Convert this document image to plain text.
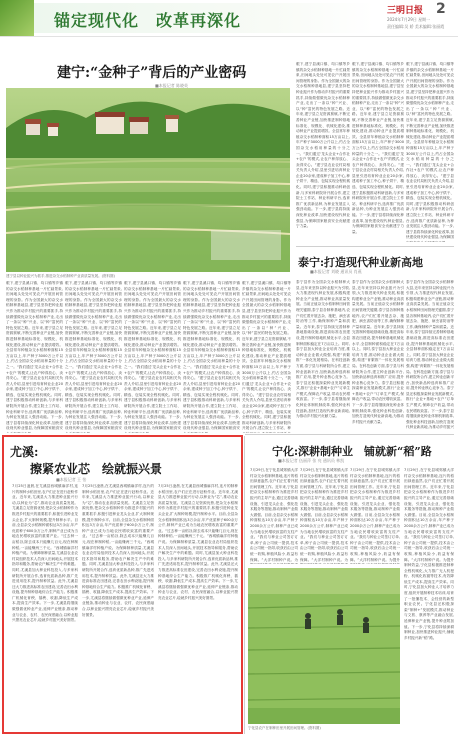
锚定现代化　改革再深化	三明日报
2024年7月29日 星期一
责任编辑:吴 娇 美术编辑:张丽霞
2
建宁:“金种子”背后的产业密码
■本报记者 陈晓英
建宁县以种业振兴为抓手,推进杂交水稻制种产业高质量发展。(资料图)
眼下,建宁县溪口镇、均口镇等乡镇的杂交水稻制种基地一片忙碌景象,田间地头处处可见农户开展田间管理的身影。作为全国最大的杂交水稻制种基地县,建宁县坚持把种业振兴作为推动乡村振兴的重要抓手,持续做强做优杂交水稻制种产业,走出了一条以“种”兴业、以“种”富民的特色发展之路。近年来,建宁县立足资源禀赋,不断完善种业产业链,加快推进制种基地标准化、规模化、机械化建设,推动种业产业提质增效。全县常年种植杂交水稻制种面积15万亩以上,年产种子3000万公斤以上,约占全国杂交水稻用种量的十分之一。“我们通过‘龙头企业+合作社+农户’的模式,让农户种得放心、卖得安心。”建宁县农业农村局相关负责人介绍,县里引进培育种业企业20余家,建成种子加工中心,种子烘干、精选、包装实现全程机械化。同时,建宁县积极推动科研创新,与多家科研院所开展合作,建立院士工作站、种业科研平台,选育推广优质新品种,为种业发展注入强劲动能。下一步,建宁县将持续深化种业改革,加快建设现代种业强县,为保障国家粮食安
眼下,建宁县溪口镇、均口镇等乡镇的杂交水稻制种基地一片忙碌景象,田间地头处处可见农户开展田间管理的身影。作为全国最大的杂交水稻制种基地县,建宁县坚持把种业振兴作为推动乡村振兴的重要抓手,持续做强做优杂交水稻制种产业,走出了一条以“种”兴业、以“种”富民的特色发展之路。近年来,建宁县立足资源禀赋,不断完善种业产业链,加快推进制种基地标准化、规模化、机械化建设,推动种业产业提质增效。全县常年种植杂交水稻制种面积15万亩以上,年产种子3000万公斤以上,约占全国杂交水稻用种量的十分之一。“我们通过‘龙头企业+合作社+农户’的模式,让农户种得放心、卖得安心。”建宁县农业农村局相关负责人介绍,县里引进培育种业企业20余家,建成种子加工中心,种子烘干、精选、包装实现全程机械化。同时,建宁县积极推动科研创新,与多家科研院所开展合作,建立院士工作站、种业科研平台,选育推广优质新品种,为种业发展注入强劲动能。下一步,建宁县将持续深化种业改革,加快建设现代种业强县,为保障国家粮食安
眼下,建宁县溪口镇、均口镇等乡镇的杂交水稻制种基地一片忙碌景象,田间地头处处可见农户开展田间管理的身影。作为全国最大的杂交水稻制种基地县,建宁县坚持把种业振兴作为推动乡村振兴的重要抓手,持续做强做优杂交水稻制种产业,走出了一条以“种”兴业、以“种”富民的特色发展之路。近年来,建宁县立足资源禀赋,不断完善种业产业链,加快推进制种基地标准化、规模化、机械化建设,推动种业产业提质增效。全县常年种植杂交水稻制种面积15万亩以上,年产种子3000万公斤以上,约占全国杂交水稻用种量的十分之一。“我们通过‘龙头企业+合作社+农户’的模式,让农户种得放心、卖得安心。”建宁县农业农村局相关负责人介绍,县里引进培育种业企业20余家,建成种子加工中心,种子烘干、精选、包装实现全程机械化。同时,建宁县积极推动科研创新,与多家科研院所开展合作,建立院士工作站、种业科研平台,选育推广优质新品种,为种业发展注入强劲动能。下一步,建宁县将持续深化种业改革,加快建设现代种业强县,为保障国家粮食安
眼下,建宁县溪口镇、均口镇等乡镇的杂交水稻制种基地一片忙碌景象,田间地头处处可见农户开展田间管理的身影。作为全国最大的杂交水稻制种基地县,建宁县坚持把种业振兴作为推动乡村振兴的重要抓手,持续做强做优杂交水稻制种产业,走出了一条以“种”兴业、以“种”富民的特色发展之路。近年来,建宁县立足资源禀赋,不断完善种业产业链,加快推进制种基地标准化、规模化、机械化建设,推动种业产业提质增效。全县常年种植杂交水稻制种面积15万亩以上,年产种子3000万公斤以上,约占全国杂交水稻用种量的十分之一。“我们通过‘龙头企业+合作社+农户’的模式,让农户种得放心、卖得安心。”建宁县农业农村局相关负责人介绍,县里引进培育种业企业20余家,建成种子加工中心,种子烘干、精选、包装实现全程机械化。同时,建宁县积极推动科研创新,与多家科研院所开展合作,建立院士工作站、种业科研平台,选育推广优质新品种,为种业发展注入强劲动能。下一步,建宁县将持续深化种业改革,加快建设现代种业强县,为保障国家粮食安
眼下,建宁县溪口镇、均口镇等乡镇的杂交水稻制种基地一片忙碌景象,田间地头处处可见农户开展田间管理的身影。作为全国最大的杂交水稻制种基地县,建宁县坚持把种业振兴作为推动乡村振兴的重要抓手,持续做强做优杂交水稻制种产业,走出了一条以“种”兴业、以“种”富民的特色发展之路。近年来,建宁县立足资源禀赋,不断完善种业产业链,加快推进制种基地标准化、规模化、机械化建设,推动种业产业提质增效。全县常年种植杂交水稻制种面积15万亩以上,年产种子3000万公斤以上,约占全国杂交水稻用种量的十分之一。“我们通过‘龙头企业+合作社+农户’的模式,让农户种得放心、卖得安心。”建宁县农业农村局相关负责人介绍,县里引进培育种业企业20余家,建成种子加工中心,种子烘干、精选、包装实现全程机械化。同时,建宁县积极推动科研创新,与多家科研院所开展合作,建立院士工作站、种
眼下,建宁县溪口镇、均口镇等乡镇的杂交水稻制种基地一片忙碌景象,田间地头处处可见农户开展田间管理的身影。作为全国最大的杂交水稻制种基地县,建宁县坚持把种业振兴作为推动乡村振兴的重要抓手,持续做强做优杂交水稻制种产业,走出了一条以“种”兴业、以“种”富民的特色发展之路。近年来,建宁县立足资源禀赋,不断完善种业产业链,加快推进制种基地标准化、规模化、机械化建设,推动种业产业提质增效。全县常年种植杂交水稻制种面积15万亩以上,年产种子3000万公斤以上,约占全国杂交水稻用种量的十分之一。“我们通过‘龙头企业+合作社+农户’的模式,让农户种得放心、卖得安心。”建宁县农业农村局相关负责人介绍,县里引进培育种业企业20余家,建成种子加工中心,种子烘干、精选、包装实现全程机械化。同时,建宁县积极推动科研创新,与多家科研院所开展合作,建立院士工作站、种业科研平台,选育推广优质新品种,为种业发展注入强劲动能。下一步,建宁县将持续深化种业改革,加快建设现代种业强县,为保障国家粮食安全贡献建宁力量。
眼下,建宁县溪口镇、均口镇等乡镇的杂交水稻制种基地一片忙碌景象,田间地头处处可见农户开展田间管理的身影。作为全国最大的杂交水稻制种基地县,建宁县坚持把种业振兴作为推动乡村振兴的重要抓手,持续做强做优杂交水稻制种产业,走出了一条以“种”兴业、以“种”富民的特色发展之路。近年来,建宁县立足资源禀赋,不断完善种业产业链,加快推进制种基地标准化、规模化、机械化建设,推动种业产业提质增效。全县常年种植杂交水稻制种面积15万亩以上,年产种子3000万公斤以上,约占全国杂交水稻用种量的十分之一。“我们通过‘龙头企业+合作社+农户’的模式,让农户种得放心、卖得安心。”建宁县农业农村局相关负责人介绍,县里引进培育种业企业20余家,建成种子加工中心,种子烘干、精选、包装实现全程机械化。同时,建宁县积极推动科研创新,与多家科研院所开展合作,建立院士工作站、种业科研平台,选育推广优质新品种,为种业发展注入强劲动能。下一步,建宁县将持续深化种业改革,加快建设现代种业强县,为保障国家粮食安全贡献建宁力量。
眼下,建宁县溪口镇、均口镇等乡镇的杂交水稻制种基地一片忙碌景象,田间地头处处可见农户开展田间管理的身影。作为全国最大的杂交水稻制种基地县,建宁县坚持把种业振兴作为推动乡村振兴的重要抓手,持续做强做优杂交水稻制种产业,走出了一条以“种”兴业、以“种”富民的特色发展之路。近年来,建宁县立足资源禀赋,不断完善种业产业链,加快推进制种基地标准化、规模化、机械化建设,推动种业产业提质增效。全县常年种植杂交水稻制种面积15万亩以上,年产种子3000万公斤以上,约占全国杂交水稻用种量的十分之一。“我们通过‘龙头企业+合作社+农户’的模式,让农户种得放心、卖得安心。”建宁县农业农村局相关负责人介绍,县里引进培育种业企业20余家,建成种子加工中心,种子烘干、精选、包装实现全程机械化。同时,建宁县积极推动科研创新,与多家科研院所开展合作,建立院士工作站、种业科研平台,选育推广优质新品种,为种业发展注入强劲动能。下一步,建宁县将持续深化种业改革,加快建设现代种业强县,为保障国
泰宁:打造现代种业新高地
■本报记者 刘晓 通讯员 肖燕
泰宁县作为全国杂交水稻制种大县,近年来坚持以种业振兴为引领,大力推进现代种业发展,积极构建种业全产业链,推动种业高质量发展。当前正值杂交水稻制种田间管理关键期,泰宁县各制种基地内,农户们忙着开展去杂、施肥、病虫害防治等工作,确保制种产量和质量。近年来,泰宁县持续完善制种基地基础设施,推进高标准农田建设,提升制种基地机械化水平,全县制种面积稳定在7万亩以上。同时,泰宁县加大种业企业培育力度,推动种业企业做大做强,构建“育繁推”一体化发展格局。在科技创新方面,泰宁县与科研院所合作,建立种业创新平台,加快新品种选育和推广应用,提升种业核心竞争力。泰宁县还积极探索种业发展新模式,推行“企业+基地+农户”订单生产模式,保障农户收益,带动农民增收致富。下一步,泰宁县将继续深化种业体制机制改革,强化种业科技创新,加快打造现代种业新高地,为推动乡村振兴贡献力量。
泰宁县作为全国杂交水稻制种大县,近年来坚持以种业振兴为引领,大力推进现代种业发展,积极构建种业全产业链,推动种业高质量发展。当前正值杂交水稻制种田间管理关键期,泰宁县各制种基地内,农户们忙着开展去杂、施肥、病虫害防治等工作,确保制种产量和质量。近年来,泰宁县持续完善制种基地基础设施,推进高标准农田建设,提升制种基地机械化水平,全县制种面积稳定在7万亩以上。同时,泰宁县加大种业企业培育力度,推动种业企业做大做强,构建“育繁推”一体化发展格局。在科技创新方面,泰宁县与科研院所合作,建立种业创新平台,加快新品种选育和推广应用,提升种业核心竞争力。泰宁县还积极探索种业发展新模式,推行“企业+基地+农户”订单生产模式,保障农户收益,带动农民增收致富。下一步,泰宁县将继续深化种业体制机制改革,强化种业科技创新,加快打造现代种业新高地,为推动乡村振兴贡献力量。
泰宁县作为全国杂交水稻制种大县,近年来坚持以种业振兴为引领,大力推进现代种业发展,积极构建种业全产业链,推动种业高质量发展。当前正值杂交水稻制种田间管理关键期,泰宁县各制种基地内,农户们忙着开展去杂、施肥、病虫害防治等工作,确保制种产量和质量。近年来,泰宁县持续完善制种基地基础设施,推进高标准农田建设,提升制种基地机械化水平,全县制种面积稳定在7万亩以上。同时,泰宁县加大种业企业培育力度,推动种业企业做大做强,构建“育繁推”一体化发展格局。在科技创新方面,泰宁县与科研院所合作,建立种业创新平台,加快新品种选育和推广应用,提升种业核心竞争力。泰宁县还积极探索种业发展新模式,推行“企业+基地+农户”订单生产模式,保障农户收益,带动农民增收致富。下一步,泰宁县将继续深化种业体制机制改革,强化种业科技创新,加快打造现代种业新高地,为推动乡村振兴
尤溪:
擦紧农业芯　绘就振兴景
■本报记者 王 怡
7月25日凌晨,在尤溪县西城镇麻洋村,连片的制种水稻田里,农户们正在进行赶粉作业。近年来,尤溪县大力推进种业振兴行动,以种业为“芯”,推动农业高质量发展。尤溪县立足资源优势,把杂交水稻制种作为推进乡村振兴的重要抓手,积极引进种业龙头企业,扩大制种规模,提升制种水平。目前,全县杂交水稻制种面积达3万余亩,年产优质种子600余万公斤,制种产业已成为当地农民增收致富的重要产业。“过去种一亩稻谷,除去成本只能赚几百元,现在种制种稻,一亩能赚两三千元。”西城镇麻洋村种植户说。为保障制种质量,尤溪县农业农村局组织技术人员深入田间地头,开展技术指导和服务,帮助农户解决生产中的难题。同时,尤溪县加大种业科技投入,与多家科研院所开展合作,选育优质新品种,推广先进适用技术,提升制种效益。此外,尤溪县还大力推进高标准农田建设,完善农田水利设施,提升制种基地综合生产能力。积极推广机械化育秧、插秧、收割,降低生产成本,提高生产效率。下一步,尤溪县将继续做强做优种业产业,延伸产业链条,推动种业与农业、农村、农民深度融合,以种业振兴擦亮农业芯片,绘就乡村振兴美好图景。
7月25日凌晨,在尤溪县西城镇麻洋村,连片的制种水稻田里,农户们正在进行赶粉作业。近年来,尤溪县大力推进种业振兴行动,以种业为“芯”,推动农业高质量发展。尤溪县立足资源优势,把杂交水稻制种作为推进乡村振兴的重要抓手,积极引进种业龙头企业,扩大制种规模,提升制种水平。目前,全县杂交水稻制种面积达3万余亩,年产优质种子600余万公斤,制种产业已成为当地农民增收致富的重要产业。“过去种一亩稻谷,除去成本只能赚几百元,现在种制种稻,一亩能赚两三千元。”西城镇麻洋村种植户说。为保障制种质量,尤溪县农业农村局组织技术人员深入田间地头,开展技术指导和服务,帮助农户解决生产中的难题。同时,尤溪县加大种业科技投入,与多家科研院所开展合作,选育优质新品种,推广先进适用技术,提升制种效益。此外,尤溪县还大力推进高标准农田建设,完善农田水利设施,提升制种基地综合生产能力。积极推广机械化育秧、插秧、收割,降低生产成本,提高生产效率。下一步,尤溪县将继续做强做优种业产业,延伸产业链条,推动种业与农业、农村、农民深度融合,以种业振兴擦亮农业芯片,绘就乡村振兴美好图景。
7月25日凌晨,在尤溪县西城镇麻洋村,连片的制种水稻田里,农户们正在进行赶粉作业。近年来,尤溪县大力推进种业振兴行动,以种业为“芯”,推动农业高质量发展。尤溪县立足资源优势,把杂交水稻制种作为推进乡村振兴的重要抓手,积极引进种业龙头企业,扩大制种规模,提升制种水平。目前,全县杂交水稻制种面积达3万余亩,年产优质种子600余万公斤,制种产业已成为当地农民增收致富的重要产业。“过去种一亩稻谷,除去成本只能赚几百元,现在种制种稻,一亩能赚两三千元。”西城镇麻洋村种植户说。为保障制种质量,尤溪县农业农村局组织技术人员深入田间地头,开展技术指导和服务,帮助农户解决生产中的难题。同时,尤溪县加大种业科技投入,与多家科研院所开展合作,选育优质新品种,推广先进适用技术,提升制种效益。此外,尤溪县还大力推进高标准农田建设,完善农田水利设施,提升制种基地综合生产能力。积极推广机械化育秧、插秧、收割,降低生产成本,提高生产效率。下一步,尤溪县将继续做强做优种业产业,延伸产业链条,推动种业与农业、农村、农民深度融合,以种业振兴擦亮农业芯片,绘就乡村振兴美好图景。
宁化:深耕制种业　铺就新“稻”路
■本报记者 伍丽萍 张 亮 通讯员 林凯
7月29日,在宁化县城郊镇大洋村杂交水稻制种基地,连片的稻田绿意盎然,农户们正忙着开展田间管理工作。近年来,宁化县把杂交水稻制种作为推进乡村振兴的主导产业,通过完善基础设施、引进龙头企业、强化技术服务等措施,推动制种产业做大做强。目前,全县杂交水稻制种面积达10万余亩,年产种子2000余万公斤,制种产业已成为当地农民增收致富的支柱产业。“我们与种业公司签订订单,种子由公司统一提供,技术由公司统一指导,收获后由公司统一收购,种植风险小,收益有保障。”大洋村制种户说。为
7月29日,在宁化县城郊镇大洋村杂交水稻制种基地,连片的稻田绿意盎然,农户们正忙着开展田间管理工作。近年来,宁化县把杂交水稻制种作为推进乡村振兴的主导产业,通过完善基础设施、引进龙头企业、强化技术服务等措施,推动制种产业做大做强。目前,全县杂交水稻制种面积达10万余亩,年产种子2000余万公斤,制种产业已成为当地农民增收致富的支柱产业。“我们与种业公司签订订单,种子由公司统一提供,技术由公司统一指导,收获后由公司统一收购,种植风险小,收益有保障。”大洋村制种户说。为
7月29日,在宁化县城郊镇大洋村杂交水稻制种基地,连片的稻田绿意盎然,农户们正忙着开展田间管理工作。近年来,宁化县把杂交水稻制种作为推进乡村振兴的主导产业,通过完善基础设施、引进龙头企业、强化技术服务等措施,推动制种产业做大做强。目前,全县杂交水稻制种面积达10万余亩,年产种子2000余万公斤,制种产业已成为当地农民增收致富的支柱产业。“我们与种业公司签订订单,种子由公司统一提供,技术由公司统一指导,收获后由公司统一收购,种植风险小,收益有保障。”大洋村制种户说。为提升
7月29日,在宁化县城郊镇大洋村杂交水稻制种基地,连片的稻田绿意盎然,农户们正忙着开展田间管理工作。近年来,宁化县把杂交水稻制种作为推进乡村振兴的主导产业,通过完善基础设施、引进龙头企业、强化技术服务等措施,推动制种产业做大做强。目前,全县杂交水稻制种面积达10万余亩,年产种子2000余万公斤,制种产业已成为当地农民增收致富的支柱产业。“我们与种业公司签订订单,种子由公司统一提供,技术由公司统一指导,收获后由公司统一收购,种植风险小,收益有保障。”大洋村制种户说。为提升制种效益,宁化县积极推进制种全程机械化,大力推广无人机授粉、机械化收割等技术,有效降低生产成本,提高生产效率。同时,宁化县加大种业人才培养力度,组织开展制种技术培训,培育了一批懂技术、会经营的新型职业农民。宁化县还积极探索“制种+”发展模式,推动种业与文旅、康养等产业融合发展,延伸种业产业链,提升种业附加值。下一步,宁化县将持续深耕制种业,加快推进种业振兴,铺就乡村振兴新“稻”路。
宁化县农户在制种田里开展田间管理。(资料图)
